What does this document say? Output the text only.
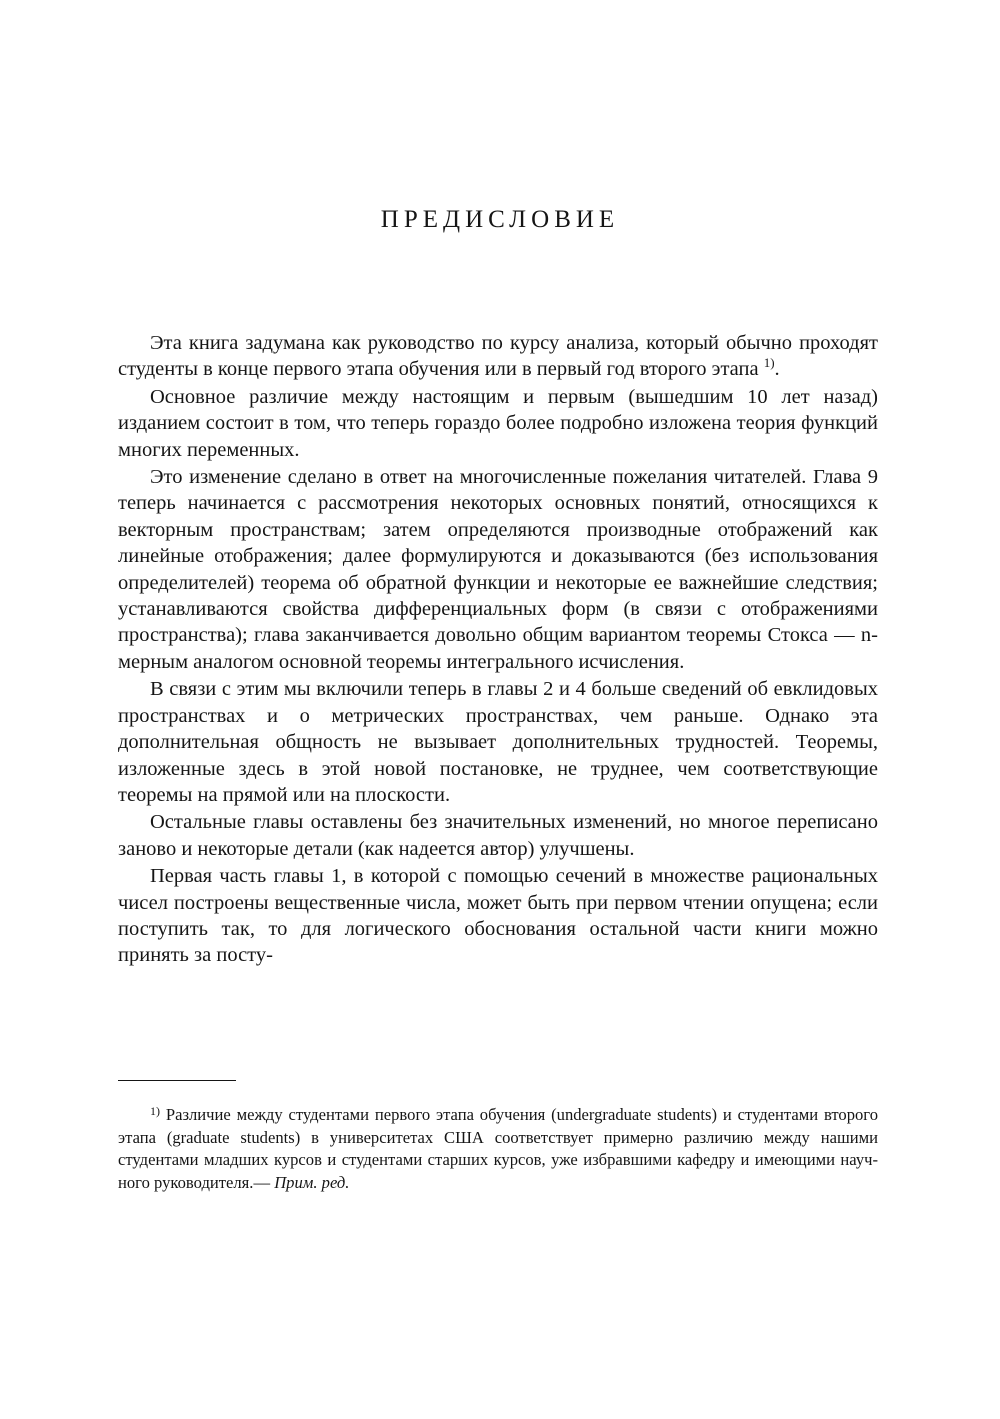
ПРЕДИСЛОВИЕ

Эта книга задумана как руководство по курсу анализа, который обычно проходят студенты в конце первого этапа обучения или в первый год второго этапа $^{1)}$.

Основное различие между настоящим и первым (вышедшим 10 лет назад) изданием состоит в том, что теперь гораздо более подробно изложена теория функций многих переменных.

Это изменение сделано в ответ на многочисленные пожелания читателей. Глава 9 теперь начинается с рассмотрения некоторых основных понятий, относящихся к векторным пространствам; затем определяются производные отображений как линейные отображения; далее формулируются и доказываются (без использования определителей) теорема об обратной функции и некоторые ее важнейшие следствия; устанавливаются свойства дифференциальных форм (в связи с отображениями пространства); глава заканчивается довольно общим вариантом теоремы Стокса — n-мерным аналогом основной теоремы интегрального исчисления.

В связи с этим мы включили теперь в главы 2 и 4 больше сведений об евклидовых пространствах и о метрических пространствах, чем раньше. Однако эта дополнительная общность не вызывает дополнительных трудностей. Теоремы, изложенные здесь в этой новой постановке, не труднее, чем соответствующие теоремы на прямой или на плоскости.

Остальные главы оставлены без значительных изменений, но многое переписано заново и некоторые детали (как надеется автор) улучшены.

Первая часть главы 1, в которой с помощью сечений в множестве рациональных чисел построены вещественные числа, может быть при первом чтении опущена; если поступить так, то для логического обоснования остальной части книги можно принять за посту-

$^{1)}$ Различие между студентами первого этапа обучения (undergraduate students) и студентами второго этапа (graduate students) в университетах США соответствует примерно различию между нашими студентами младших курсов и студентами старших курсов, уже избравшими кафедру и имеющими научного руководителя.— Прим. ред.
